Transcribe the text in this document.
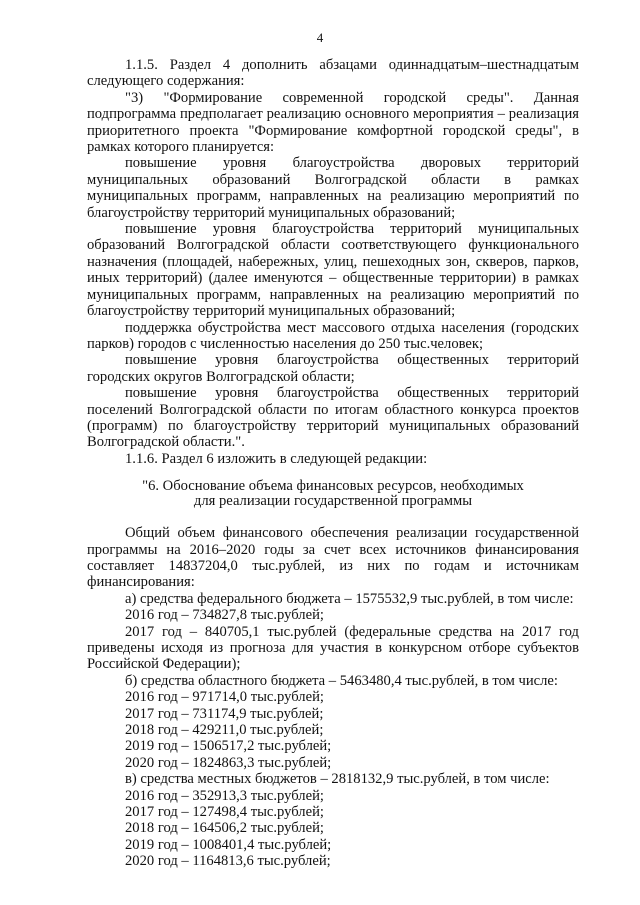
4

1.1.5. Раздел 4 дополнить абзацами одиннадцатым–шестнадцатым следующего содержания:

"3) "Формирование современной городской среды". Данная подпрограмма предполагает реализацию основного мероприятия – реализация приоритетного проекта "Формирование комфортной городской среды", в рамках которого планируется:

повышение уровня благоустройства дворовых территорий муниципальных образований Волгоградской области в рамках муниципальных программ, направленных на реализацию мероприятий по благоустройству территорий муниципальных образований;

повышение уровня благоустройства территорий муниципальных образований Волгоградской области соответствующего функционального назначения (площадей, набережных, улиц, пешеходных зон, скверов, парков, иных территорий) (далее именуются – общественные территории) в рамках муниципальных программ, направленных на реализацию мероприятий по благоустройству территорий муниципальных образований;

поддержка обустройства мест массового отдыха населения (городских парков) городов с численностью населения до 250 тыс.человек;

повышение уровня благоустройства общественных территорий городских округов Волгоградской области;

повышение уровня благоустройства общественных территорий поселений Волгоградской области по итогам областного конкурса проектов (программ) по благоустройству территорий муниципальных образований Волгоградской области.".

1.1.6. Раздел 6 изложить в следующей редакции:

"6. Обоснование объема финансовых ресурсов, необходимых
для реализации государственной программы

Общий объем финансового обеспечения реализации государственной программы на 2016–2020 годы за счет всех источников финансирования составляет 14837204,0 тыс.рублей, из них по годам и источникам финансирования:

а) средства федерального бюджета – 1575532,9 тыс.рублей, в том числе:

2016 год – 734827,8 тыс.рублей;

2017 год – 840705,1 тыс.рублей (федеральные средства на 2017 год приведены исходя из прогноза для участия в конкурсном отборе субъектов Российской Федерации);

б) средства областного бюджета – 5463480,4 тыс.рублей, в том числе:

2016 год – 971714,0 тыс.рублей;

2017 год – 731174,9 тыс.рублей;

2018 год – 429211,0 тыс.рублей;

2019 год – 1506517,2 тыс.рублей;

2020 год – 1824863,3 тыс.рублей;

в) средства местных бюджетов – 2818132,9 тыс.рублей, в том числе:

2016 год – 352913,3 тыс.рублей;

2017 год – 127498,4 тыс.рублей;

2018 год – 164506,2 тыс.рублей;

2019 год – 1008401,4 тыс.рублей;

2020 год – 1164813,6 тыс.рублей;
